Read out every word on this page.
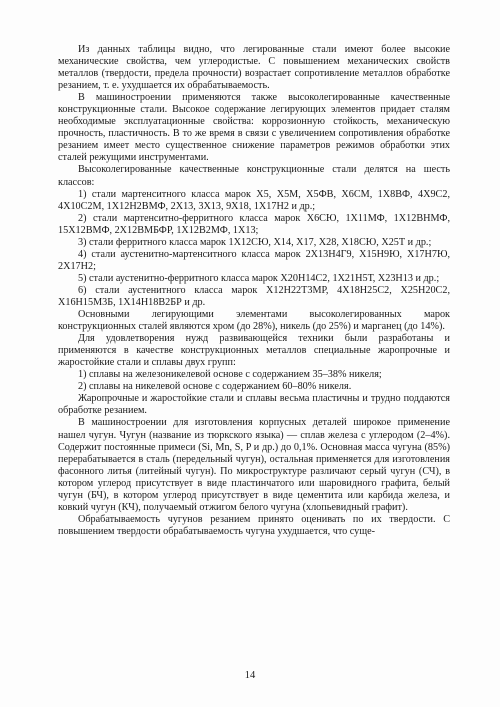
Из данных таблицы видно, что легированные стали имеют более высокие механические свойства, чем углеродистые. С повышением механических свойств металлов (твердости, предела прочности) возрастает сопротивление металлов обработке резанием, т. е. ухудшается их обрабатываемость.

В машиностроении применяются также высоколегированные качественные конструкционные стали. Высокое содержание легирующих элементов придает сталям необходимые эксплуатационные свойства: коррозионную стойкость, механическую прочность, пластичность. В то же время в связи с увеличением сопротивления обработке резанием имеет место существенное снижение параметров режимов обработки этих сталей режущими инструментами.

Высоколегированные качественные конструкционные стали делятся на шесть классов:

1) стали мартенситного класса марок Х5, Х5М, Х5ФВ, Х6СМ, 1Х8ВФ, 4Х9С2, 4Х10С2М, 1Х12Н2ВМФ, 2Х13, 3Х13, 9Х18, 1Х17Н2 и др.;

2) стали мартенситно-ферритного класса марок Х6СЮ, 1Х11МФ, 1Х12ВНМФ, 15Х12ВМФ, 2Х12ВМБФР, 1Х12В2МФ, 1Х13;

3) стали ферритного класса марок 1Х12СЮ, Х14, Х17, Х28, Х18СЮ, Х25Т и др.;

4) стали аустенитно-мартенситного класса марок 2Х13Н4Г9, Х15Н9Ю, Х17Н7Ю, 2Х17Н2;

5) стали аустенитно-ферритного класса марок Х20Н14С2, 1Х21Н5Т, Х23Н13 и др.;

6) стали аустенитного класса марок Х12Н22Т3МР, 4Х18Н25С2, Х25Н20С2, Х16Н15М3Б, 1Х14Н18В2БР и др.

Основными легирующими элементами высоколегированных марок конструкционных сталей являются хром (до 28%), никель (до 25%) и марганец (до 14%).

Для удовлетворения нужд развивающейся техники были разработаны и применяются в качестве конструкционных металлов специальные жаропрочные и жаростойкие стали и сплавы двух групп:

1) сплавы на железоникелевой основе с содержанием 35–38% никеля;

2) сплавы на никелевой основе с содержанием 60–80% никеля.

Жаропрочные и жаростойкие стали и сплавы весьма пластичны и трудно поддаются обработке резанием.

В машиностроении для изготовления корпусных деталей широкое применение нашел чугун. Чугун (название из тюркского языка) — сплав железа с углеродом (2–4%). Содержит постоянные примеси (Si, Mn, S, P и др.) до 0,1%. Основная масса чугуна (85%) перерабатывается в сталь (передельный чугун), остальная применяется для изготовления фасонного литья (литейный чугун). По микроструктуре различают серый чугун (СЧ), в котором углерод присутствует в виде пластинчатого или шаровидного графита, белый чугун (БЧ), в котором углерод присутствует в виде цементита или карбида железа, и ковкий чугун (КЧ), получаемый отжигом белого чугуна (хлопьевидный графит).

Обрабатываемость чугунов резанием принято оценивать по их твердости. С повышением твердости обрабатываемость чугуна ухудшается, что суще-

14
